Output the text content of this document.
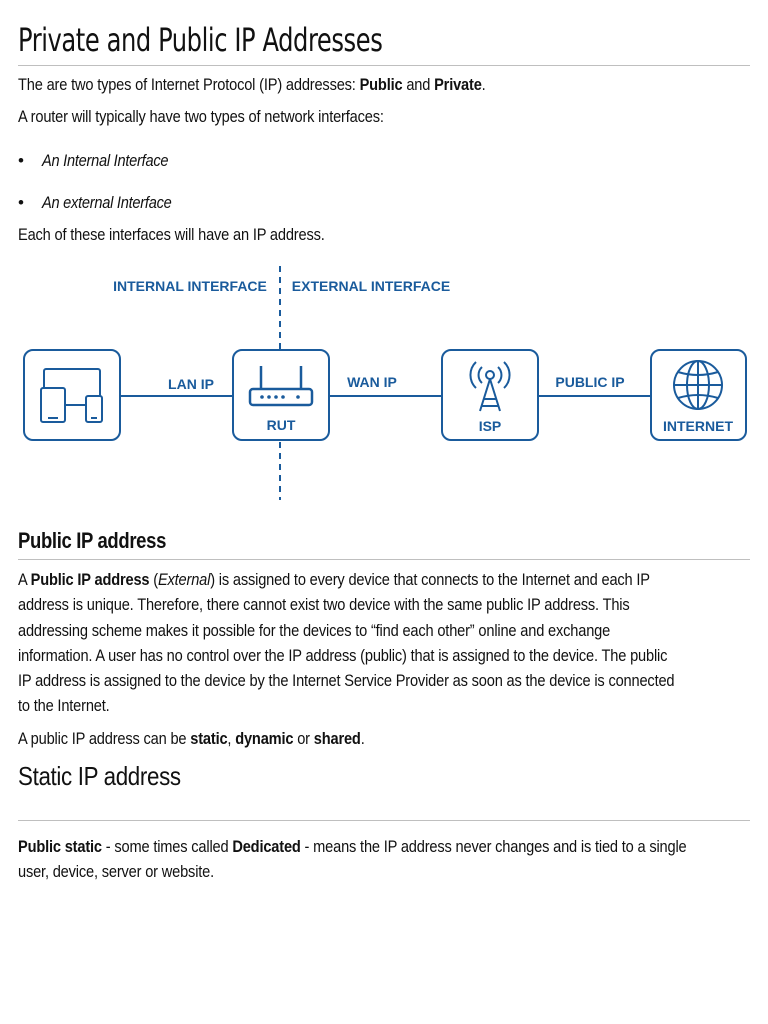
Private and Public IP Addresses
The are two types of Internet Protocol (IP) addresses: Public and Private.
A router will typically have two types of network interfaces:
• An Internal Interface
• An external Interface
Each of these interfaces will have an IP address.
INTERNAL INTERFACE EXTERNAL INTERFACE
LAN IP	WAN IP	PUBLIC IP
RUT	ISP	INTERNET
Public IP address
A Public IP address (External) is assigned to every device that connects to the Internet and each IP
address is unique. Therefore, there cannot exist two device with the same public IP address. This
addressing scheme makes it possible for the devices to “find each other” online and exchange
information. A user has no control over the IP address (public) that is assigned to the device. The public
IP address is assigned to the device by the Internet Service Provider as soon as the device is connected
to the Internet.
A public IP address can be static, dynamic or shared.
Static IP address
Public static - some times called Dedicated - means the IP address never changes and is tied to a single
user, device, server or website.
